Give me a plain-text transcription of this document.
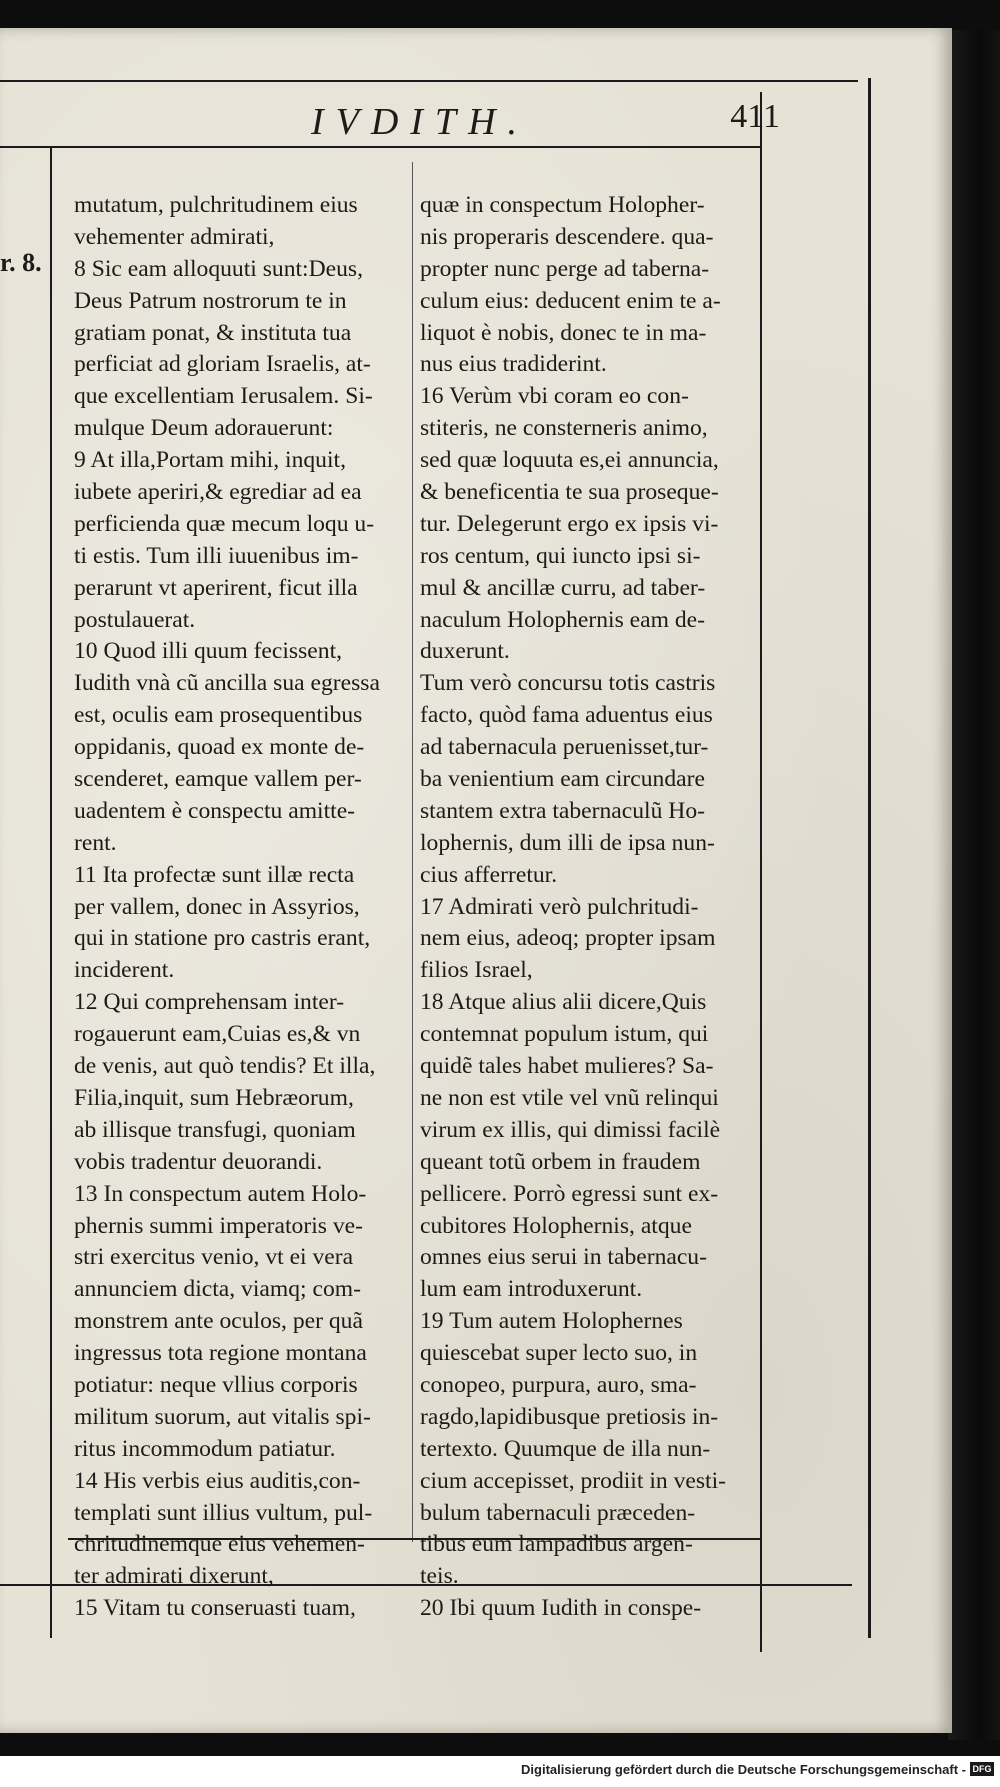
IVDITH.	411
r. 8.
mutatum, pulchritudinem eius
vehementer admirati,
8 Sic eam alloquuti sunt:Deus,
Deus Patrum nostrorum te in
gratiam ponat, & instituta tua
perficiat ad gloriam Israelis, at-
que excellentiam Ierusalem. Si-
mulque Deum adorauerunt:
9 At illa,Portam mihi, inquit,
iubete aperiri,& egrediar ad ea
perficienda quæ mecum loqu u-
ti estis. Tum illi iuuenibus im-
perarunt vt aperirent, ficut illa
postulauerat.
10 Quod illi quum fecissent,
Iudith vnà cũ ancilla sua egressa
est, oculis eam prosequentibus
oppidanis, quoad ex monte de-
scenderet, eamque vallem per-
uadentem è conspectu amitte-
rent.
11 Ita profectæ sunt illæ recta
per vallem, donec in Assyrios,
qui in statione pro castris erant,
inciderent.
12 Qui comprehensam inter-
rogauerunt eam,Cuias es,& vn
de venis, aut quò tendis? Et illa,
Filia,inquit, sum Hebræorum,
ab illisque transfugi, quoniam
vobis tradentur deuorandi.
13 In conspectum autem Holo-
phernis summi imperatoris ve-
stri exercitus venio, vt ei vera
annunciem dicta, viamq; com-
monstrem ante oculos, per quã
ingressus tota regione montana
potiatur: neque vllius corporis
militum suorum, aut vitalis spi-
ritus incommodum patiatur.
14 His verbis eius auditis,con-
templati sunt illius vultum, pul-
chritudinemque eius vehemen-
ter admirati dixerunt,
15 Vitam tu conseruasti tuam,
quæ in conspectum Holopher-
nis properaris descendere. qua-
propter nunc perge ad taberna-
culum eius: deducent enim te a-
liquot è nobis, donec te in ma-
nus eius tradiderint.
16 Verùm vbi coram eo con-
stiteris, ne consterneris animo,
sed quæ loquuta es,ei annuncia,
& beneficentia te sua proseque-
tur. Delegerunt ergo ex ipsis vi-
ros centum, qui iuncto ipsi si-
mul & ancillæ curru, ad taber-
naculum Holophernis eam de-
duxerunt.
Tum verò concursu totis castris
facto, quòd fama aduentus eius
ad tabernacula peruenisset,tur-
ba venientium eam circundare
stantem extra tabernaculũ Ho-
lophernis, dum illi de ipsa nun-
cius afferretur.
17 Admirati verò pulchritudi-
nem eius, adeoq; propter ipsam
filios Israel,
18 Atque alius alii dicere,Quis
contemnat populum istum, qui
quidẽ tales habet mulieres? Sa-
ne non est vtile vel vnũ relinqui
virum ex illis, qui dimissi facilè
queant totũ orbem in fraudem
pellicere. Porrò egressi sunt ex-
cubitores Holophernis, atque
omnes eius serui in tabernacu-
lum eam introduxerunt.
19 Tum autem Holophernes
quiescebat super lecto suo, in
conopeo, purpura, auro, sma-
ragdo,lapidibusque pretiosis in-
tertexto. Quumque de illa nun-
cium accepisset, prodiit in vesti-
bulum tabernaculi præceden-
tibus eum lampadibus argen-
teis.
20 Ibi quum Iudith in conspe-
Digitalisierung gefördert durch die Deutsche Forschungsgemeinschaft - DFG
